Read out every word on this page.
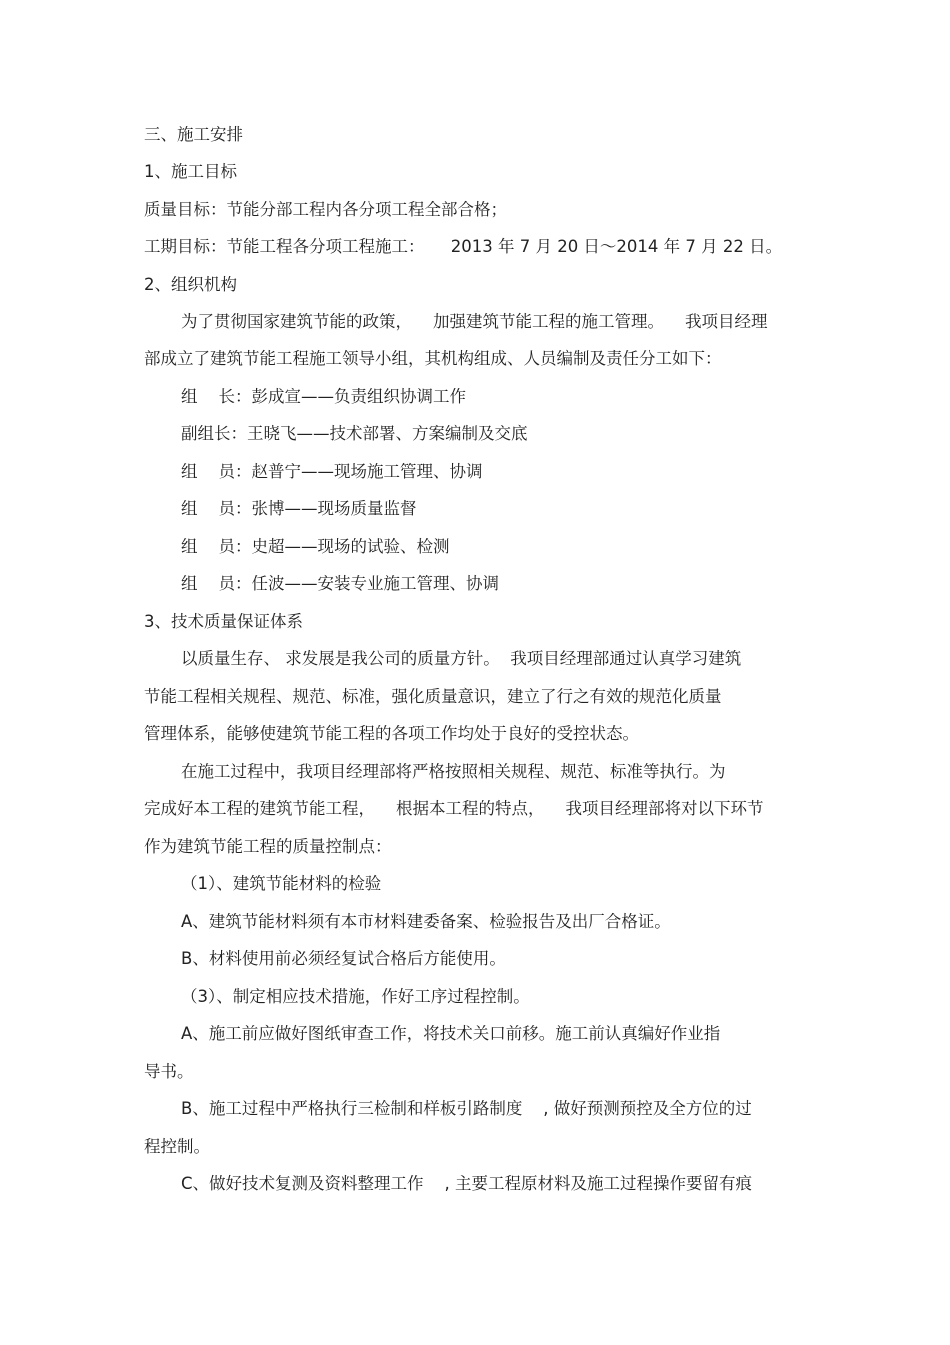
三、施工安排

1、施工目标

质量目标：节能分部工程内各分项工程全部合格；

工期目标：节能工程各分项工程施工：     2013 年 7 月 20 日～2014 年 7 月 22 日。

2、组织机构

为了贯彻国家建筑节能的政策，    加强建筑节能工程的施工管理。    我项目经理

部成立了建筑节能工程施工领导小组，其机构组成、人员编制及责任分工如下：

组    长：彭成宣——负责组织协调工作

副组长：王晓飞——技术部署、方案编制及交底

组    员：赵普宁——现场施工管理、协调

组    员：张博——现场质量监督

组    员：史超——现场的试验、检测

组    员：任波——安装专业施工管理、协调

3、技术质量保证体系

以质量生存、 求发展是我公司的质量方针。  我项目经理部通过认真学习建筑

节能工程相关规程、规范、标准，强化质量意识，建立了行之有效的规范化质量

管理体系，能够使建筑节能工程的各项工作均处于良好的受控状态。

在施工过程中，我项目经理部将严格按照相关规程、规范、标准等执行。为

完成好本工程的建筑节能工程，    根据本工程的特点，    我项目经理部将对以下环节

作为建筑节能工程的质量控制点：

（1）、建筑节能材料的检验

A、建筑节能材料须有本市材料建委备案、检验报告及出厂合格证。

B、材料使用前必须经复试合格后方能使用。

（3）、制定相应技术措施，作好工序过程控制。

A、施工前应做好图纸审查工作，将技术关口前移。施工前认真编好作业指

导书。

B、施工过程中严格执行三检制和样板引路制度    , 做好预测预控及全方位的过

程控制。

C、做好技术复测及资料整理工作    , 主要工程原材料及施工过程操作要留有痕
